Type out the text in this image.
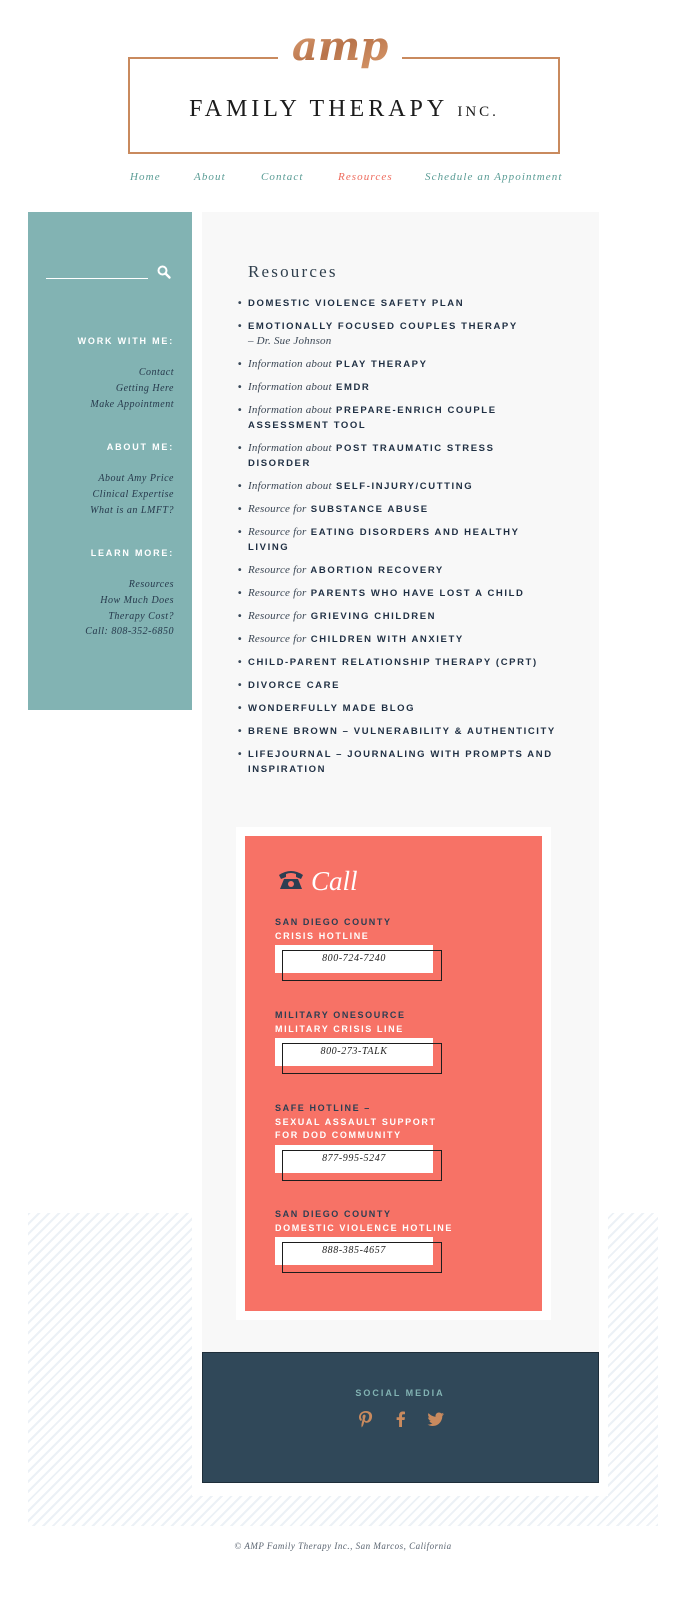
amp
FAMILY THERAPY INC.
Home	About	Contact	Resources	Schedule an Appointment
WORK WITH ME:
Contact
Getting Here
Make Appointment
ABOUT ME:
About Amy Price
Clinical Expertise
What is an LMFT?
LEARN MORE:
Resources
How Much Does
Therapy Cost?
Call: 808-352-6850
Resources
• DOMESTIC VIOLENCE SAFETY PLAN
• EMOTIONALLY FOCUSED COUPLES THERAPY
– Dr. Sue Johnson
• Information about PLAY THERAPY
• Information about EMDR
• Information about PREPARE-ENRICH COUPLE ASSESSMENT TOOL
• Information about POST TRAUMATIC STRESS DISORDER
• Information about SELF-INJURY/CUTTING
• Resource for SUBSTANCE ABUSE
• Resource for EATING DISORDERS AND HEALTHY LIVING
• Resource for ABORTION RECOVERY
• Resource for PARENTS WHO HAVE LOST A CHILD
• Resource for GRIEVING CHILDREN
• Resource for CHILDREN WITH ANXIETY
• CHILD-PARENT RELATIONSHIP THERAPY (CPRT)
• DIVORCE CARE
• WONDERFULLY MADE BLOG
• BRENE BROWN – VULNERABILITY & AUTHENTICITY
• LIFEJOURNAL – JOURNALING WITH PROMPTS AND INSPIRATION
Call
SAN DIEGO COUNTY
CRISIS HOTLINE
800-724-7240
MILITARY ONESOURCE
MILITARY CRISIS LINE
800-273-TALK
SAFE HOTLINE –
SEXUAL ASSAULT SUPPORT
FOR DOD COMMUNITY
877-995-5247
SAN DIEGO COUNTY
DOMESTIC VIOLENCE HOTLINE
888-385-4657
SOCIAL MEDIA
© AMP Family Therapy Inc., San Marcos, California
